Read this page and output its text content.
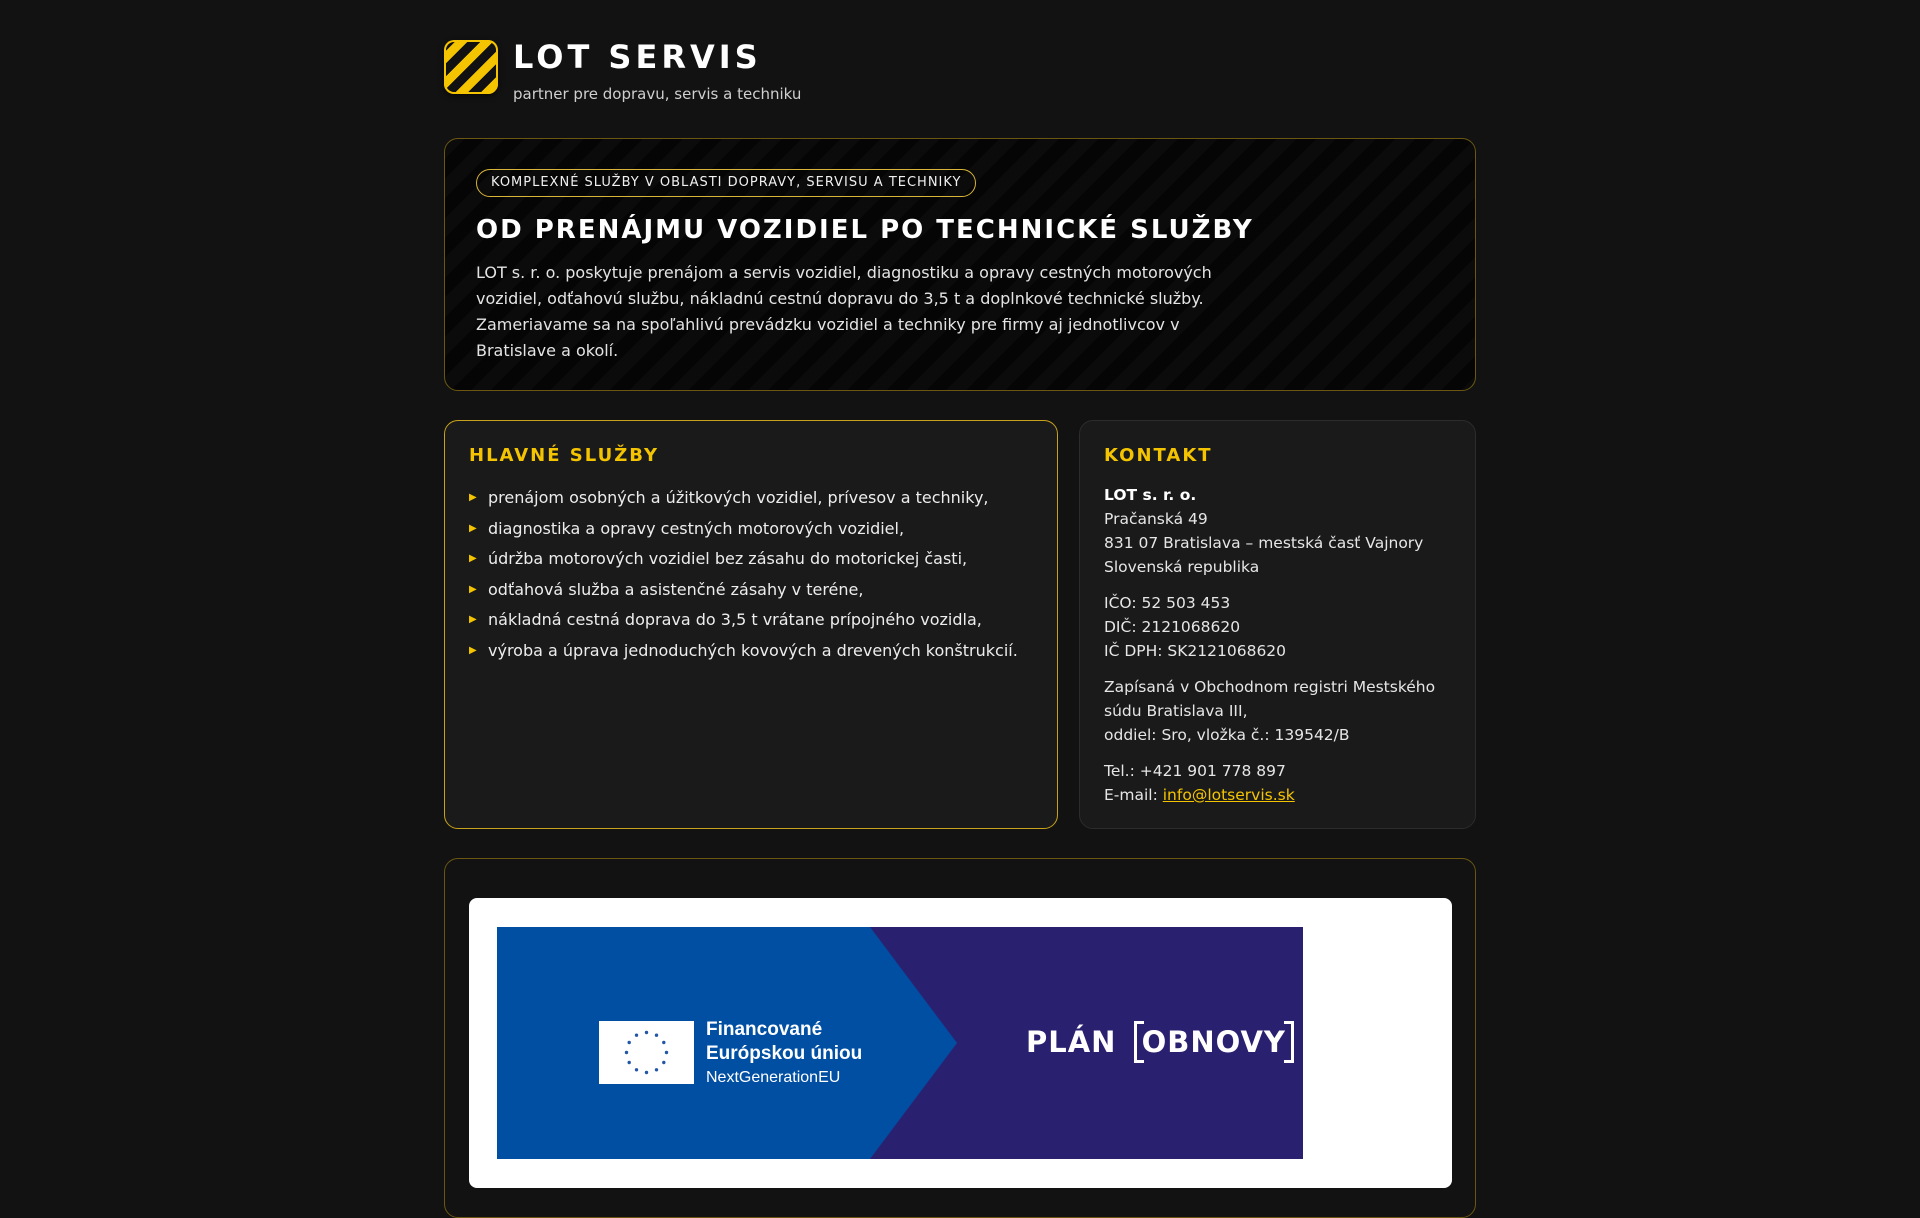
LOT SERVIS
partner pre dopravu, servis a techniku
KOMPLEXNÉ SLUŽBY V OBLASTI DOPRAVY, SERVISU A TECHNIKY
OD PRENÁJMU VOZIDIEL PO TECHNICKÉ SLUŽBY
LOT s. r. o. poskytuje prenájom a servis vozidiel, diagnostiku a opravy cestných motorových
vozidiel, odťahovú službu, nákladnú cestnú dopravu do 3,5 t a doplnkové technické služby.
Zameriavame sa na spoľahlivú prevádzku vozidiel a techniky pre firmy aj jednotlivcov v
Bratislave a okolí.
HLAVNÉ SLUŽBY
▶ prenájom osobných a úžitkových vozidiel, prívesov a techniky,
▶ diagnostika a opravy cestných motorových vozidiel,
▶ údržba motorových vozidiel bez zásahu do motorickej časti,
▶ odťahová služba a asistenčné zásahy v teréne,
▶ nákladná cestná doprava do 3,5 t vrátane prípojného vozidla,
▶ výroba a úprava jednoduchých kovových a drevených konštrukcií.
KONTAKT
LOT s. r. o.
Pračanská 49
831 07 Bratislava – mestská časť Vajnory
Slovenská republika
IČO: 52 503 453
DIČ: 2121068620
IČ DPH: SK2121068620
Zapísaná v Obchodnom registri Mestského
súdu Bratislava III,
oddiel: Sro, vložka č.: 139542/B
Tel.: +421 901 778 897
E-mail: info@lotservis.sk
Financované
Európskou úniou
NextGenerationEU
PLÁN OBNOVY
